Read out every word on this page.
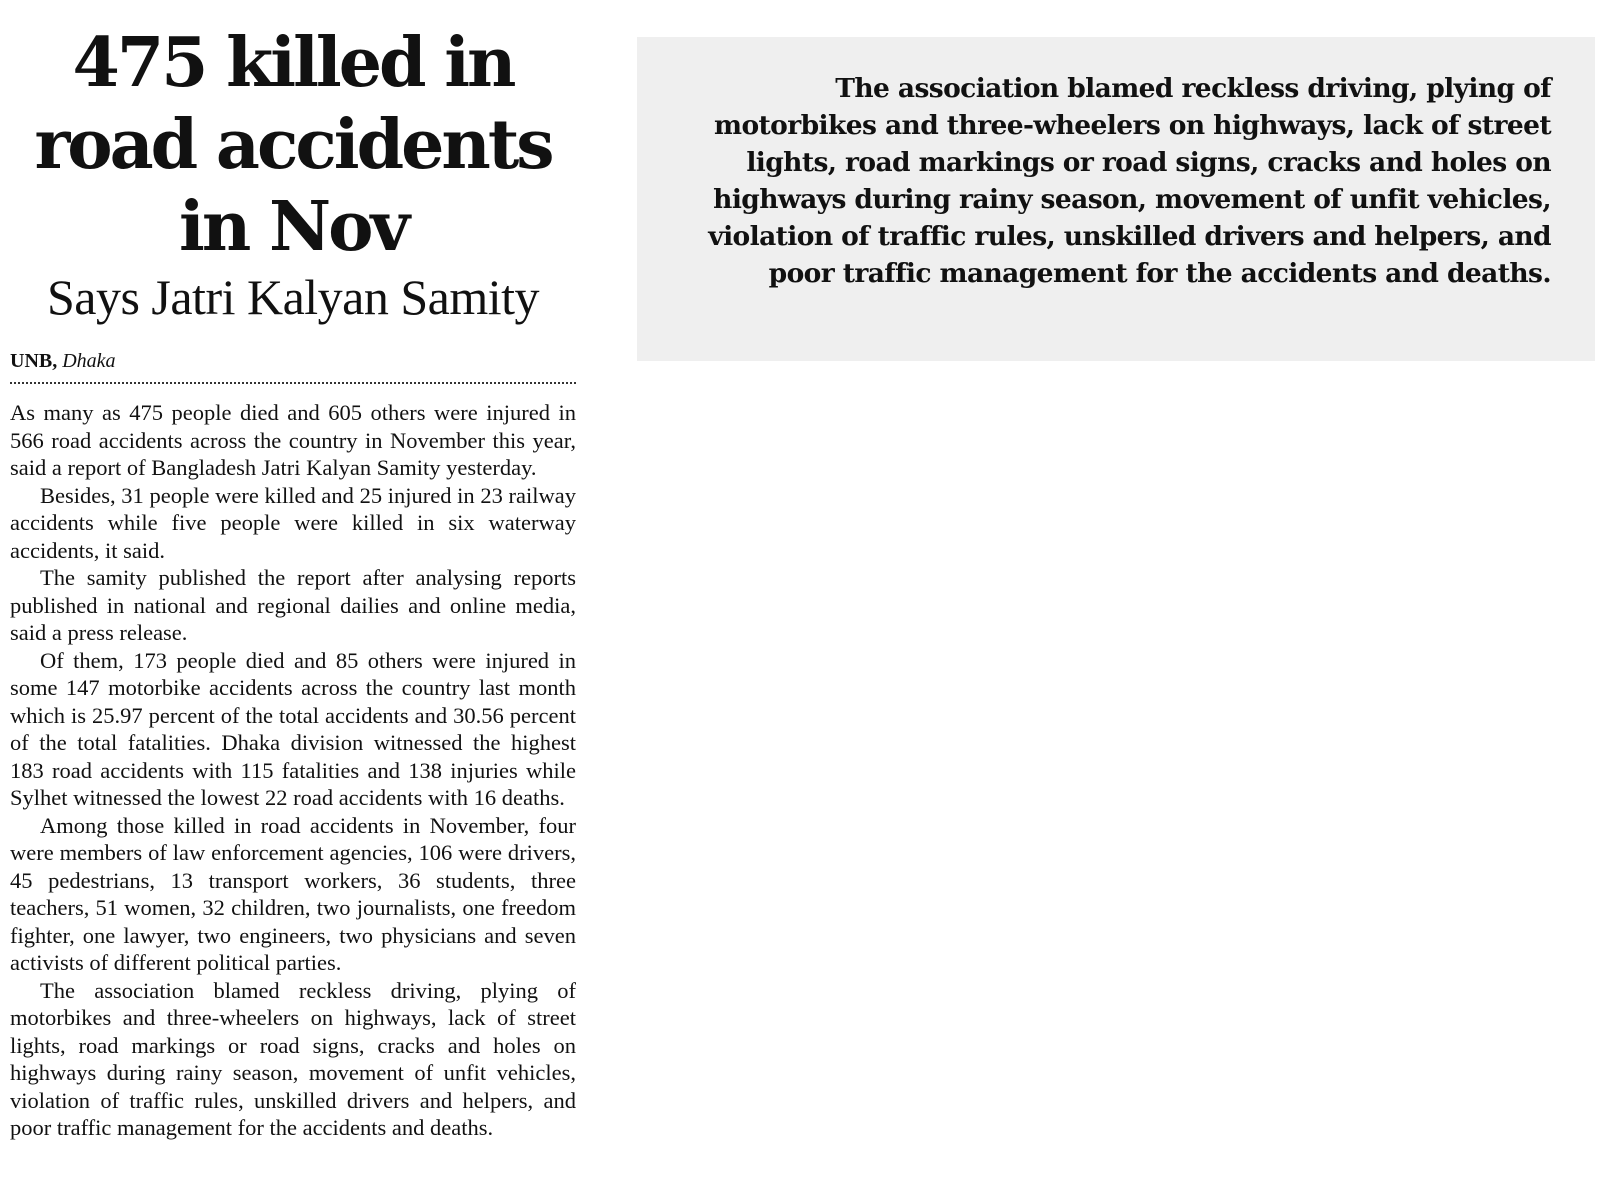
475 killed in road accidents in Nov
Says Jatri Kalyan Samity
UNB, Dhaka

As many as 475 people died and 605 others were injured in 566 road accidents across the country in November this year, said a report of Bangladesh Jatri Kalyan Samity yesterday.

Besides, 31 people were killed and 25 injured in 23 railway accidents while five people were killed in six waterway accidents, it said.

The samity published the report after analysing reports published in national and regional dailies and online media, said a press release.

Of them, 173 people died and 85 others were injured in some 147 motorbike accidents across the country last month which is 25.97 percent of the total accidents and 30.56 percent of the total fatalities. Dhaka division witnessed the highest 183 road accidents with 115 fatalities and 138 injuries while Sylhet witnessed the lowest 22 road accidents with 16 deaths.

Among those killed in road accidents in November, four were members of law enforcement agencies, 106 were drivers, 45 pedestrians, 13 transport workers, 36 students, three teachers, 51 women, 32 children, two journalists, one freedom fighter, one lawyer, two engineers, two physicians and seven activists of different political parties.

The association blamed reckless driving, plying of motorbikes and three-wheelers on highways, lack of street lights, road markings or road signs, cracks and holes on highways during rainy season, movement of unfit vehicles, violation of traffic rules, unskilled drivers and helpers, and poor traffic management for the accidents and deaths.

The association blamed reckless driving, plying of motorbikes and three-wheelers on highways, lack of street lights, road markings or road signs, cracks and holes on highways during rainy season, movement of unfit vehicles, violation of traffic rules, unskilled drivers and helpers, and poor traffic management for the accidents and deaths.
